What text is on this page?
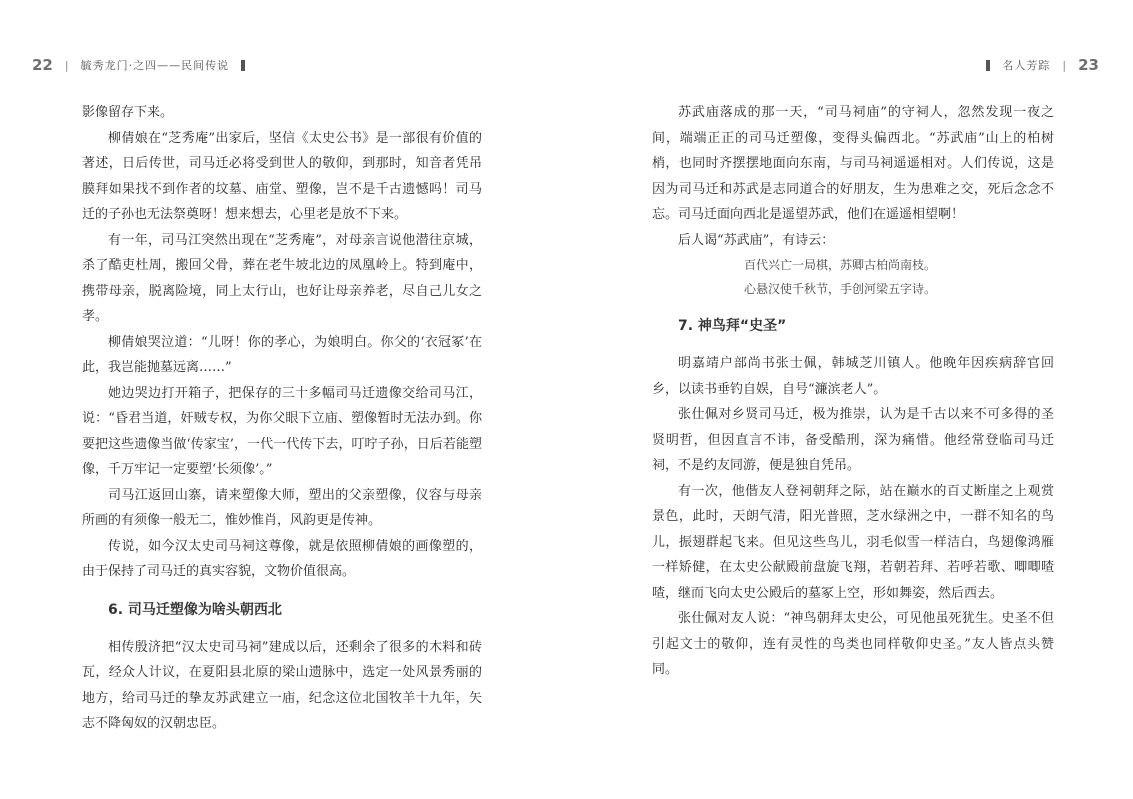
22 | 毓秀龙门·之四——民间传说

影像留存下来。

柳倩娘在“芝秀庵”出家后，坚信《太史公书》是一部很有价值的著述，日后传世，司马迁必将受到世人的敬仰，到那时，知音者凭吊膜拜如果找不到作者的坟墓、庙堂、塑像，岂不是千古遗憾吗！司马迁的子孙也无法祭奠呀！想来想去，心里老是放不下来。

有一年，司马江突然出现在“芝秀庵”，对母亲言说他潜往京城，杀了酷吏杜周，搬回父骨，葬在老牛坡北边的凤凰岭上。特到庵中，携带母亲，脱离险境，同上太行山，也好让母亲养老，尽自己儿女之孝。

柳倩娘哭泣道：“儿呀！你的孝心，为娘明白。你父的‘衣冠冢’在此，我岂能抛墓远离……”

她边哭边打开箱子，把保存的三十多幅司马迁遗像交给司马江，说：“昏君当道，奸贼专权，为你父眼下立庙、塑像暂时无法办到。你要把这些遗像当做‘传家宝’，一代一代传下去，叮咛子孙，日后若能塑像，千万牢记一定要塑‘长须像’。”

司马江返回山寨，请来塑像大师，塑出的父亲塑像，仪容与母亲所画的有须像一般无二，惟妙惟肖，风韵更是传神。

传说，如今汉太史司马祠这尊像，就是依照柳倩娘的画像塑的，由于保持了司马迁的真实容貌，文物价值很高。

6. 司马迁塑像为啥头朝西北

相传殷济把“汉太史司马祠”建成以后，还剩余了很多的木料和砖瓦，经众人计议，在夏阳县北原的梁山遗脉中，选定一处风景秀丽的地方，给司马迁的挚友苏武建立一庙，纪念这位北国牧羊十九年，矢志不降匈奴的汉朝忠臣。

名人芳踪 | 23

苏武庙落成的那一天，“司马祠庙”的守祠人，忽然发现一夜之间，端端正正的司马迁塑像，变得头偏西北。“苏武庙”山上的柏树梢，也同时齐摆摆地面向东南，与司马祠遥遥相对。人们传说，这是因为司马迁和苏武是志同道合的好朋友，生为患难之交，死后念念不忘。司马迁面向西北是遥望苏武，他们在遥遥相望啊！

后人谒“苏武庙”，有诗云：

百代兴亡一局棋，苏卿古柏尚南枝。

心悬汉使千秋节，手创河梁五字诗。

7. 神鸟拜“史圣”

明嘉靖户部尚书张士佩，韩城芝川镇人。他晚年因疾病辞官回乡，以读书垂钓自娱，自号“濂滨老人”。

张仕佩对乡贤司马迁，极为推崇，认为是千古以来不可多得的圣贤明哲，但因直言不讳，备受酷刑，深为痛惜。他经常登临司马迁祠，不是约友同游，便是独自凭吊。

有一次，他偕友人登祠朝拜之际，站在巅水的百丈断崖之上观赏景色，此时，天朗气清，阳光普照，芝水绿洲之中，一群不知名的鸟儿，振翅群起飞来。但见这些鸟儿，羽毛似雪一样洁白，鸟翅像鸿雁一样矫健，在太史公献殿前盘旋飞翔，若朝若拜、若呼若歌、唧唧喳喳，继而飞向太史公殿后的墓冢上空，形如舞姿，然后西去。

张仕佩对友人说：“神鸟朝拜太史公，可见他虽死犹生。史圣不但引起文士的敬仰，连有灵性的鸟类也同样敬仰史圣。”友人皆点头赞同。
